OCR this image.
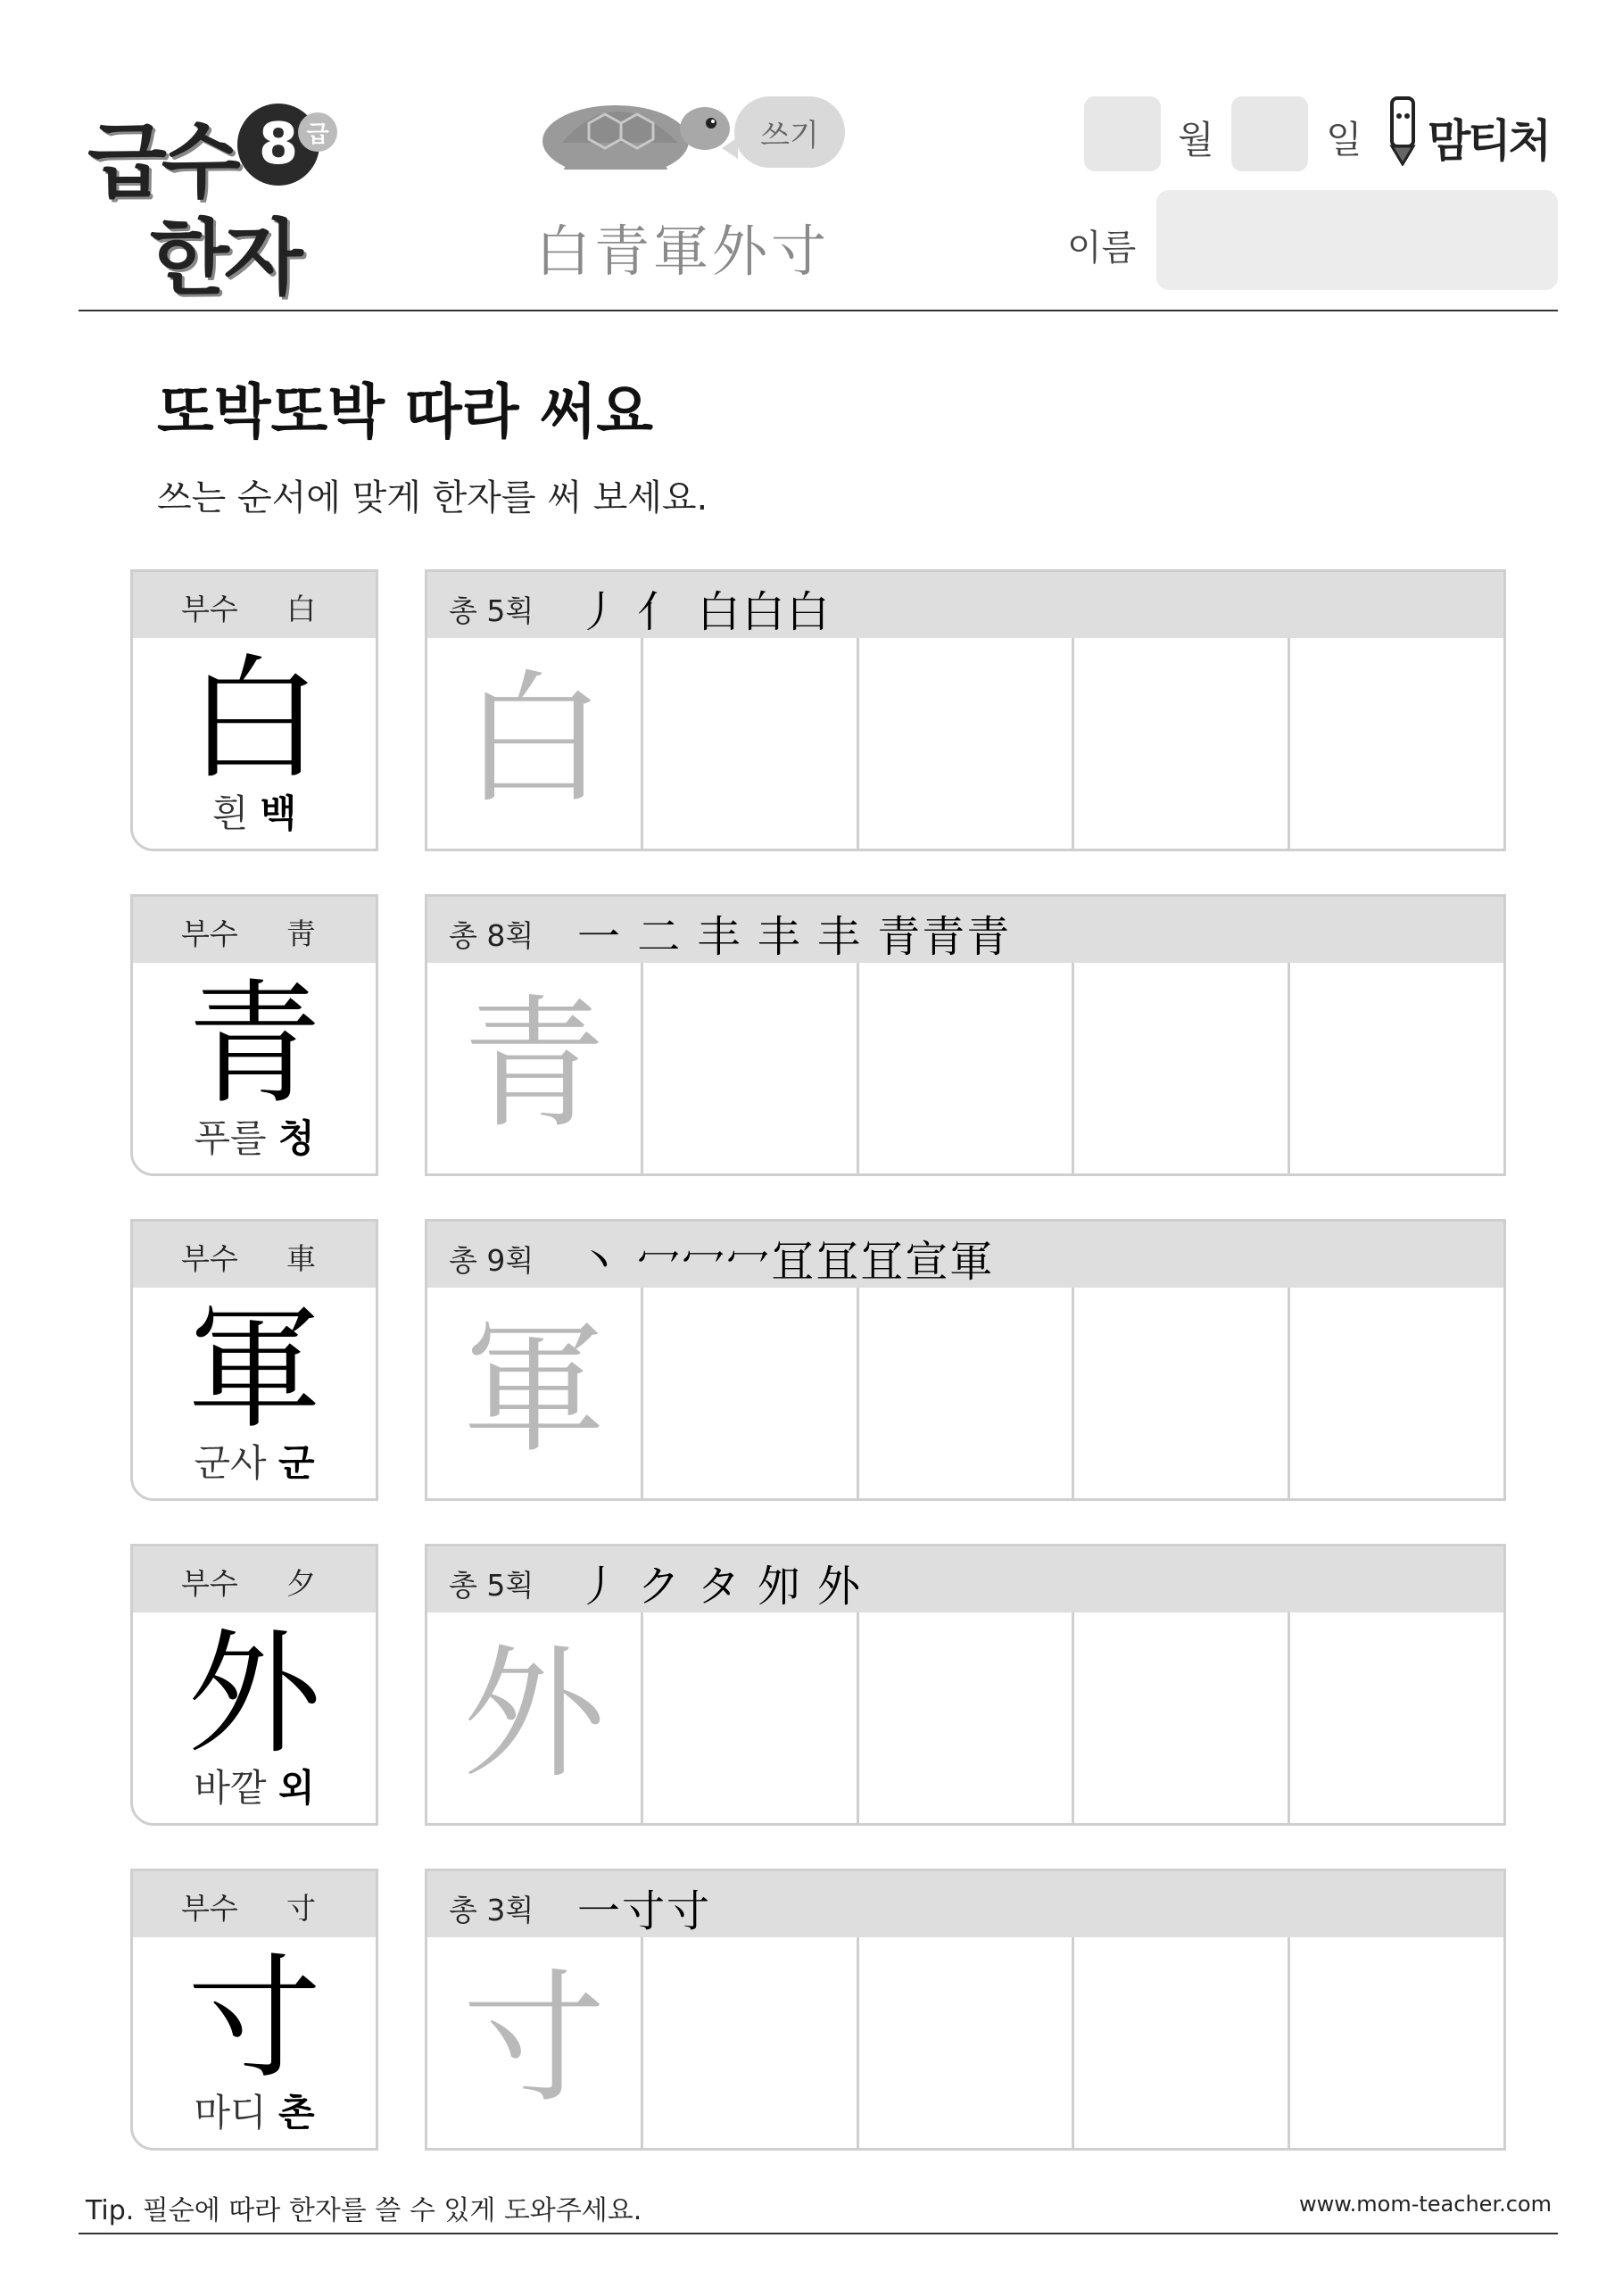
급수
한자
8 급	쓰기
白青軍外寸
월	일 맘티처
이름
또박또박 따라 써요
쓰는 순서에 맞게 한자를 써 보세요.
부수 白
白
흰 백
총 5획 丿 亻 白白白
白
부수 靑
青
푸를 청
총 8획 一 二 丰 丰 丰 青青青
青
부수 車
軍
군사 군
총 9획 丶 冖冖冖冝冝冝宣軍
軍
부수 夕
外
바깥 외
총 5획 丿 ク タ 夘 外
外
부수 寸
寸
마디 촌
총 3획 一寸寸
寸
Tip. 필순에 따라 한자를 쓸 수 있게 도와주세요.	www.mom-teacher.com
